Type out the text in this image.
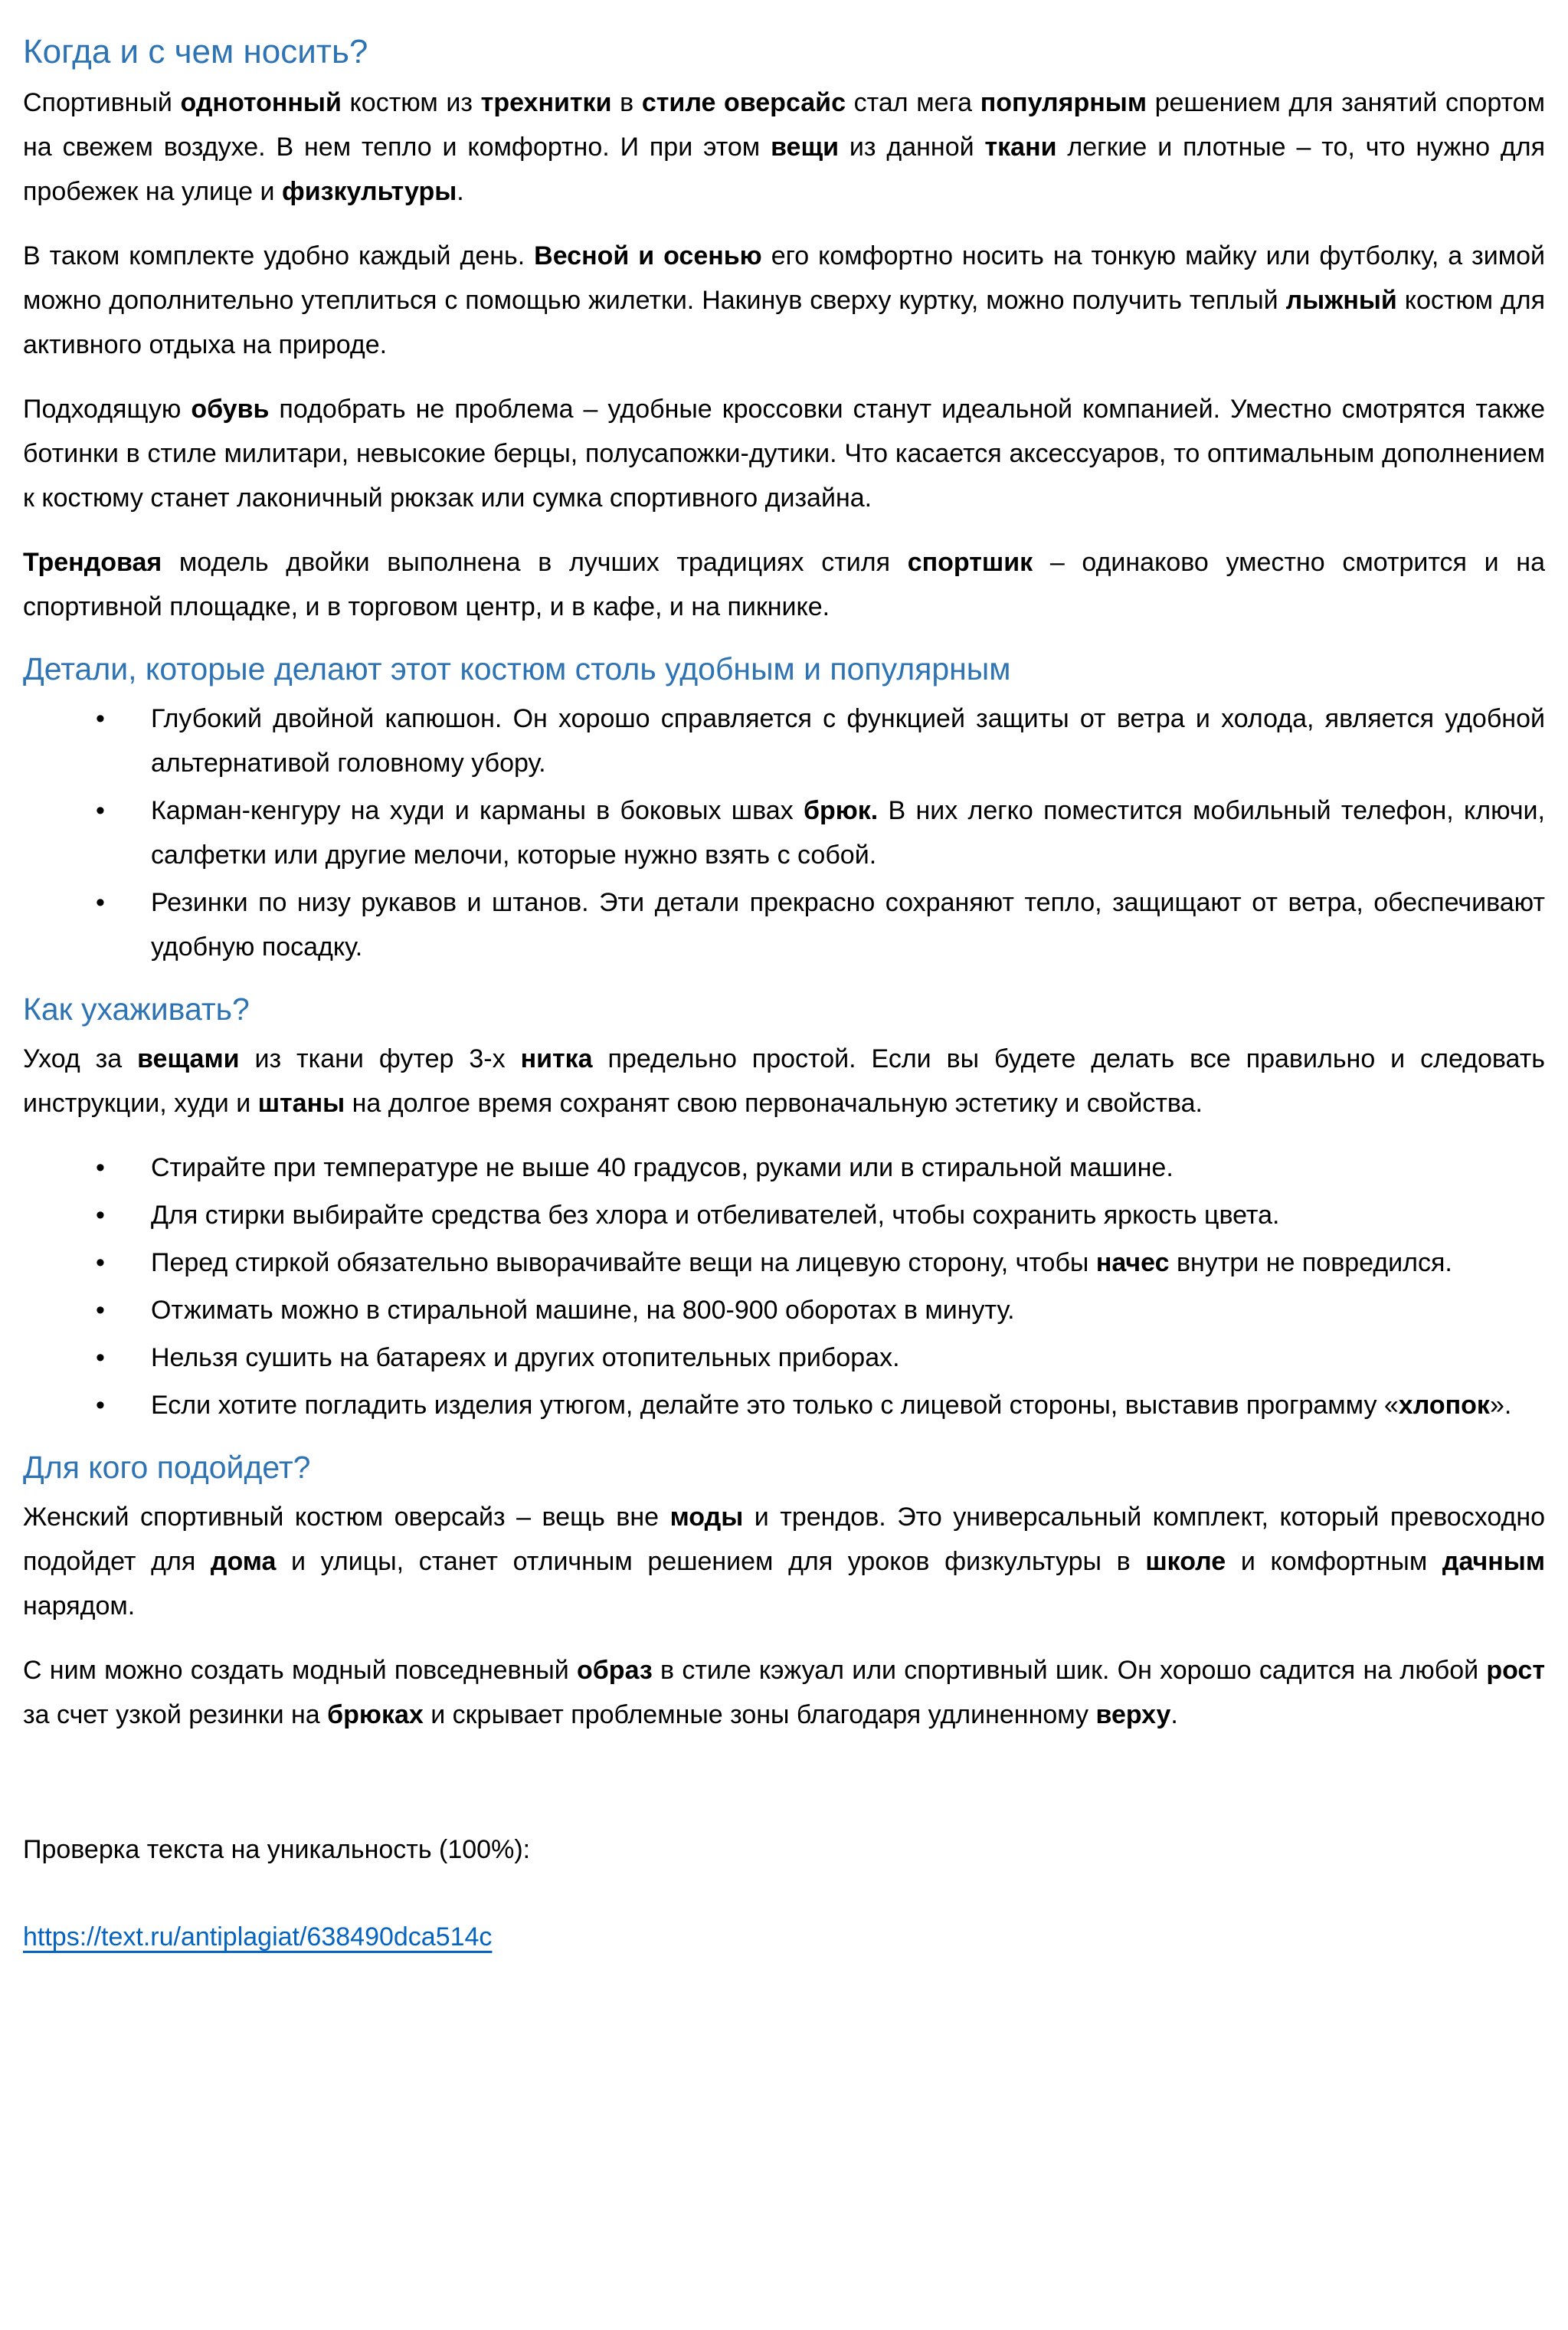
Когда и с чем носить?

Спортивный однотонный костюм из трехнитки в стиле оверсайс стал мега популярным решением для занятий спортом на свежем воздухе. В нем тепло и комфортно. И при этом вещи из данной ткани легкие и плотные – то, что нужно для пробежек на улице и физкультуры.

В таком комплекте удобно каждый день. Весной и осенью его комфортно носить на тонкую майку или футболку, а зимой можно дополнительно утеплиться с помощью жилетки. Накинув сверху куртку, можно получить теплый лыжный костюм для активного отдыха на природе.

Подходящую обувь подобрать не проблема – удобные кроссовки станут идеальной компанией. Уместно смотрятся также ботинки в стиле милитари, невысокие берцы, полусапожки-дутики. Что касается аксессуаров, то оптимальным дополнением к костюму станет лаконичный рюкзак или сумка спортивного дизайна.

Трендовая модель двойки выполнена в лучших традициях стиля спортшик – одинаково уместно смотрится и на спортивной площадке, и в торговом центр, и в кафе, и на пикнике.

Детали, которые делают этот костюм столь удобным и популярным
•	Глубокий двойной капюшон. Он хорошо справляется с функцией защиты от ветра и холода, является удобной альтернативой головному убору.
•	Карман-кенгуру на худи и карманы в боковых швах брюк. В них легко поместится мобильный телефон, ключи, салфетки или другие мелочи, которые нужно взять с собой.
•	Резинки по низу рукавов и штанов. Эти детали прекрасно сохраняют тепло, защищают от ветра, обеспечивают удобную посадку.
Как ухаживать?

Уход за вещами из ткани футер 3-х нитка предельно простой. Если вы будете делать все правильно и следовать инструкции, худи и штаны на долгое время сохранят свою первоначальную эстетику и свойства.

•	Стирайте при температуре не выше 40 градусов, руками или в стиральной машине.
•	Для стирки выбирайте средства без хлора и отбеливателей, чтобы сохранить яркость цвета.
•	Перед стиркой обязательно выворачивайте вещи на лицевую сторону, чтобы начес внутри не повредился.
•	Отжимать можно в стиральной машине, на 800-900 оборотах в минуту.
•	Нельзя сушить на батареях и других отопительных приборах.
•	Если хотите погладить изделия утюгом, делайте это только с лицевой стороны, выставив программу «хлопок».
Для кого подойдет?

Женский спортивный костюм оверсайз – вещь вне моды и трендов. Это универсальный комплект, который превосходно подойдет для дома и улицы, станет отличным решением для уроков физкультуры в школе и комфортным дачным нарядом.

С ним можно создать модный повседневный образ в стиле кэжуал или спортивный шик. Он хорошо садится на любой рост за счет узкой резинки на брюках и скрывает проблемные зоны благодаря удлиненному верху.

Проверка текста на уникальность (100%):

https://text.ru/antiplagiat/638490dca514c
